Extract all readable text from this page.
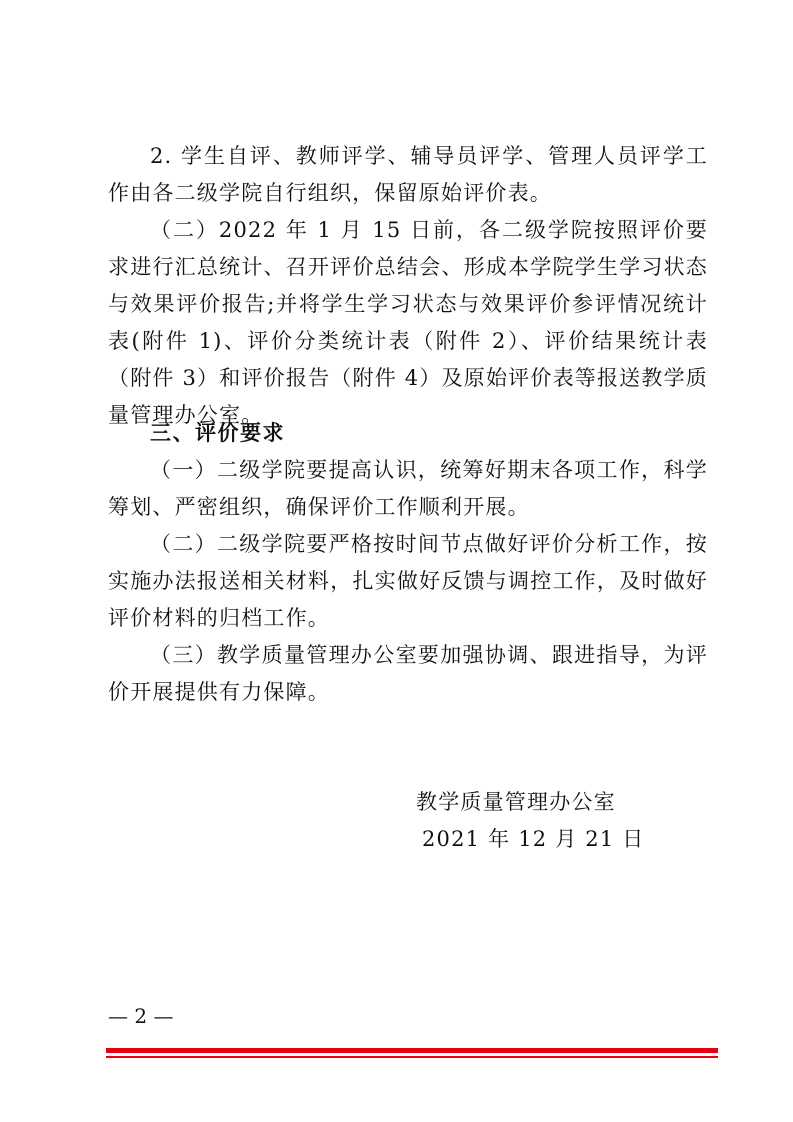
2. 学生自评、教师评学、辅导员评学、管理人员评学工作由各二级学院自行组织，保留原始评价表。

（二）2022 年 1 月 15 日前，各二级学院按照评价要求进行汇总统计、召开评价总结会、形成本学院学生学习状态与效果评价报告;并将学生学习状态与效果评价参评情况统计表(附件 1)、评价分类统计表（附件 2）、评价结果统计表（附件 3）和评价报告（附件 4）及原始评价表等报送教学质量管理办公室。

三、评价要求

（一）二级学院要提高认识，统筹好期末各项工作，科学筹划、严密组织，确保评价工作顺利开展。

（二）二级学院要严格按时间节点做好评价分析工作，按实施办法报送相关材料，扎实做好反馈与调控工作，及时做好评价材料的归档工作。

（三）教学质量管理办公室要加强协调、跟进指导，为评价开展提供有力保障。

教学质量管理办公室

2021 年 12 月 21 日

— 2 —
